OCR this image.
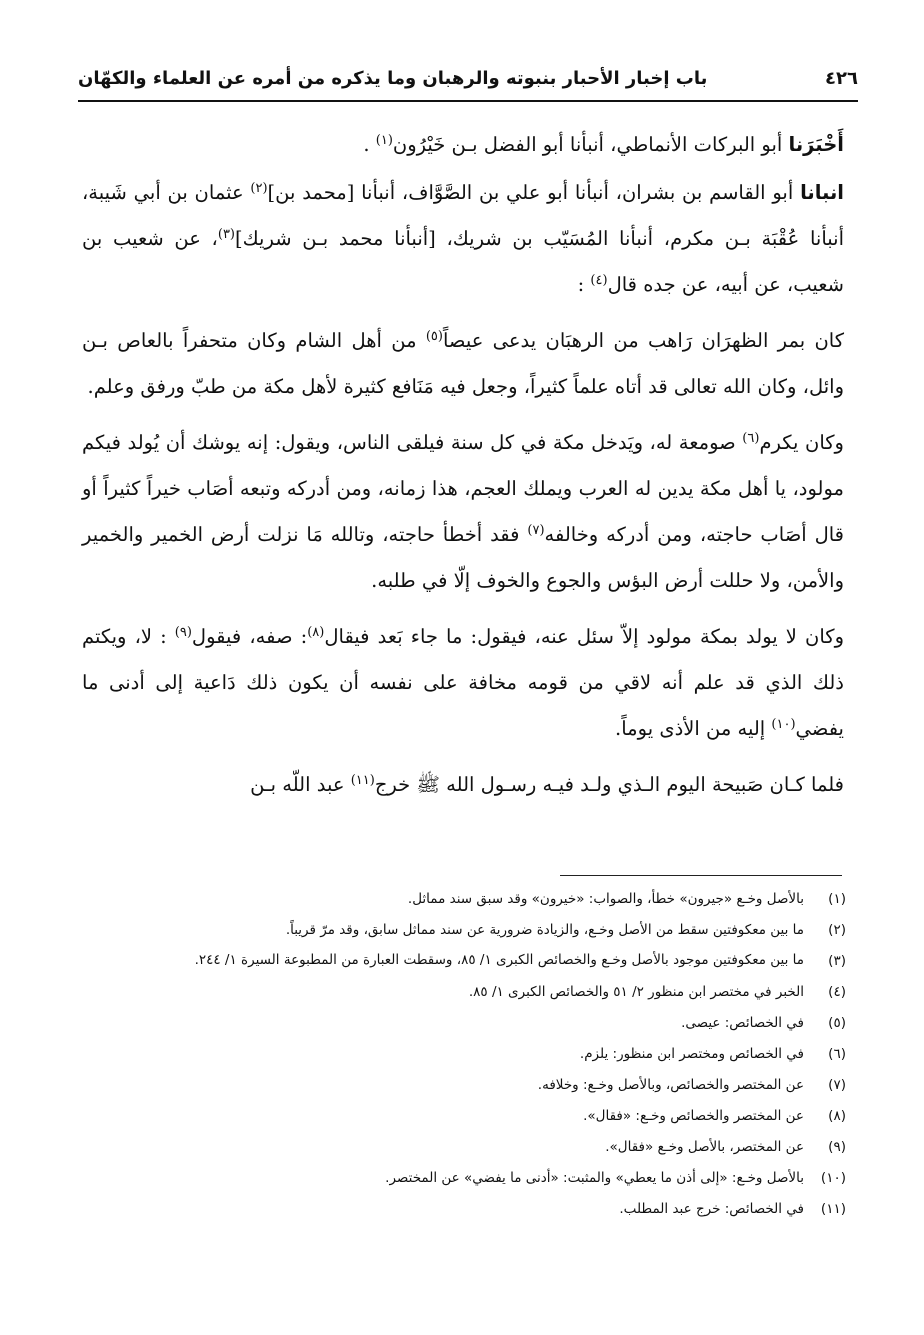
٤٢٦
باب إخبار الأحبار بنبوته والرهبان وما يذكره من أمره عن العلماء والكهّان

أَخْبَرَنا أبو البركات الأنماطي، أنبأنا أبو الفضل بـن خَيْرُون$^{(١)}$ .

انبانا أبو القاسم بن بشران، أنبأنا أبو علي بن الصَّوَّاف، أنبأنا [محمد بن]$^{(٢)}$ عثمان بن أبي شَيبة، أنبأنا عُقْبَة بـن مكرم، أنبأنا المُسَيّب بن شريك، [أنبأنا محمد بـن شريك]$^{(٣)}$، عن شعيب بن شعيب، عن أبيه، عن جده قال$^{(٤)}$ :

كان بمر الظهرَان رَاهب من الرهبَان يدعى عيصاً$^{(٥)}$ من أهل الشام وكان متحفراً بالعاص بـن وائل، وكان الله تعالى قد أتاه علماً كثيراً، وجعل فيه مَنَافع كثيرة لأهل مكة من طبّ ورفق وعلم.

وكان يكرم$^{(٦)}$ صومعة له، ويَدخل مكة في كل سنة فيلقى الناس، ويقول: إنه يوشك أن يُولد فيكم مولود، يا أهل مكة يدين له العرب ويملك العجم، هذا زمانه، ومن أدركه وتبعه أصَاب خيراً كثيراً أو قال أصَاب حاجته، ومن أدركه وخالفه$^{(٧)}$ فقد أخطأ حاجته، وتالله مَا نزلت أرض الخمير والخمير والأمن، ولا حللت أرض البؤس والجوع والخوف إلّا في طلبه.

وكان لا يولد بمكة مولود إلاّ سئل عنه، فيقول: ما جاء بَعد فيقال$^{(٨)}$: صفه، فيقول$^{(٩)}$ : لا، ويكتم ذلك الذي قد علم أنه لاقي من قومه مخافة على نفسه أن يكون ذلك دَاعية إلى أدنى ما يفضي$^{(١٠)}$ إليه من الأذى يوماً.

فلما كـان صَبيحة اليوم الـذي ولـد فيـه رسـول الله ﷺ خرج$^{(١١)}$ عبد اللّه بـن

(١)
بالأصل وخـع «جيرون» خطأ، والصواب: «خيرون» وقد سبق سند مماثل.
(٢)
ما بين معكوفتين سقط من الأصل وخـع، والزيادة ضرورية عن سند مماثل سابق، وقد مرّ قريباً.
(٣)
ما بين معكوفتين موجود بالأصل وخـع والخصائص الكبرى ١/ ٨٥، وسقطت العبارة من المطبوعة السيرة ١/ ٢٤٤.
(٤)
الخبر في مختصر ابن منظور ٢/ ٥١ والخصائص الكبرى ١/ ٨٥.
(٥)
في الخصائص: عيصى.
(٦)
في الخصائص ومختصر ابن منظور: يلزم.
(٧)
عن المختصر والخصائص، وبالأصل وخـع: وخلافه.
(٨)
عن المختصر والخصائص وخـع: «فقال».
(٩)
عن المختصر، بالأصل وخـع «فقال».
(١٠)
بالأصل وخـع: «إلى أذن ما يعطي» والمثبت: «أدنى ما يفضي» عن المختصر.
(١١)
في الخصائص: خرج عبد المطلب.
